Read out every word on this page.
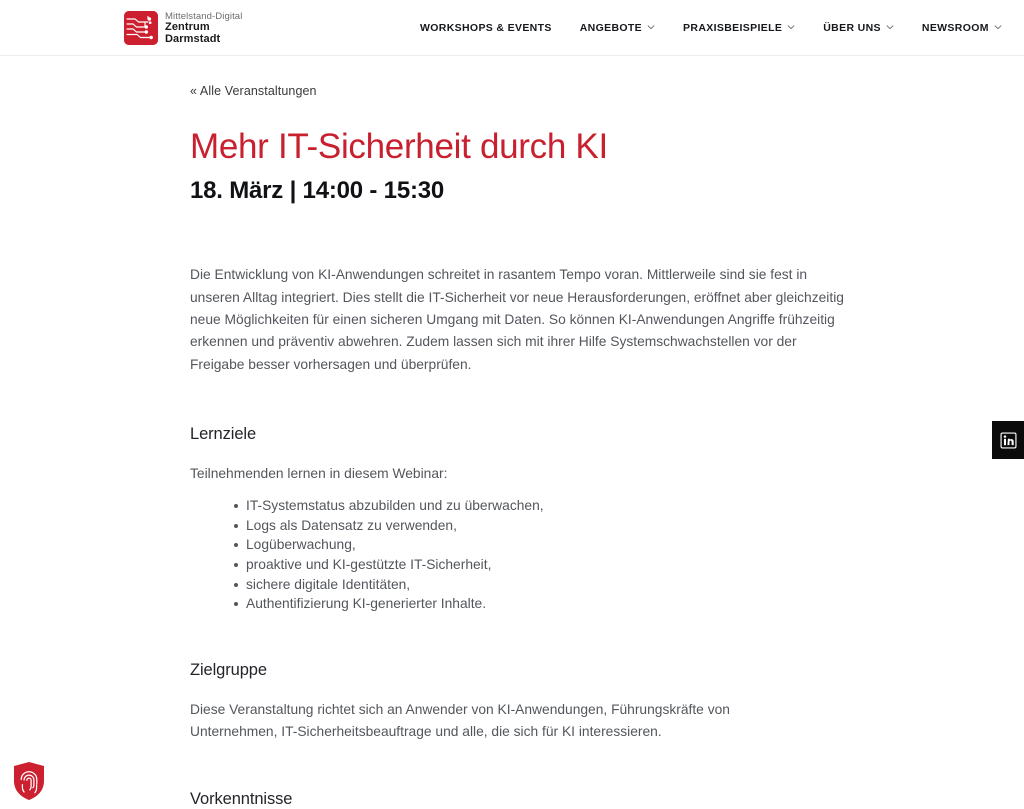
Mittelstand-Digital
Zentrum
Darmstadt
WORKSHOPS & EVENTS	ANGEBOTE	PRAXISBEISPIELE	ÜBER UNS	NEWSROOM
« Alle Veranstaltungen
Mehr IT-Sicherheit durch KI
18. März | 14:00 - 15:30

Die Entwicklung von KI-Anwendungen schreitet in rasantem Tempo voran. Mittlerweile sind sie fest in unseren Alltag integriert. Dies stellt die IT-Sicherheit vor neue Herausforderungen, eröffnet aber gleichzeitig neue Möglichkeiten für einen sicheren Umgang mit Daten. So können KI-Anwendungen Angriffe frühzeitig erkennen und präventiv abwehren. Zudem lassen sich mit ihrer Hilfe Systemschwachstellen vor der Freigabe besser vorhersagen und überprüfen.

Lernziele

Teilnehmenden lernen in diesem Webinar:

IT-Systemstatus abzubilden und zu überwachen,
Logs als Datensatz zu verwenden,
Logüberwachung,
proaktive und KI-gestützte IT-Sicherheit,
sichere digitale Identitäten,
Authentifizierung KI-generierter Inhalte.
Zielgruppe

Diese Veranstaltung richtet sich an Anwender von KI-Anwendungen, Führungskräfte von Unternehmen, IT-Sicherheitsbeauftrage und alle, die sich für KI interessieren.

Vorkenntnisse
